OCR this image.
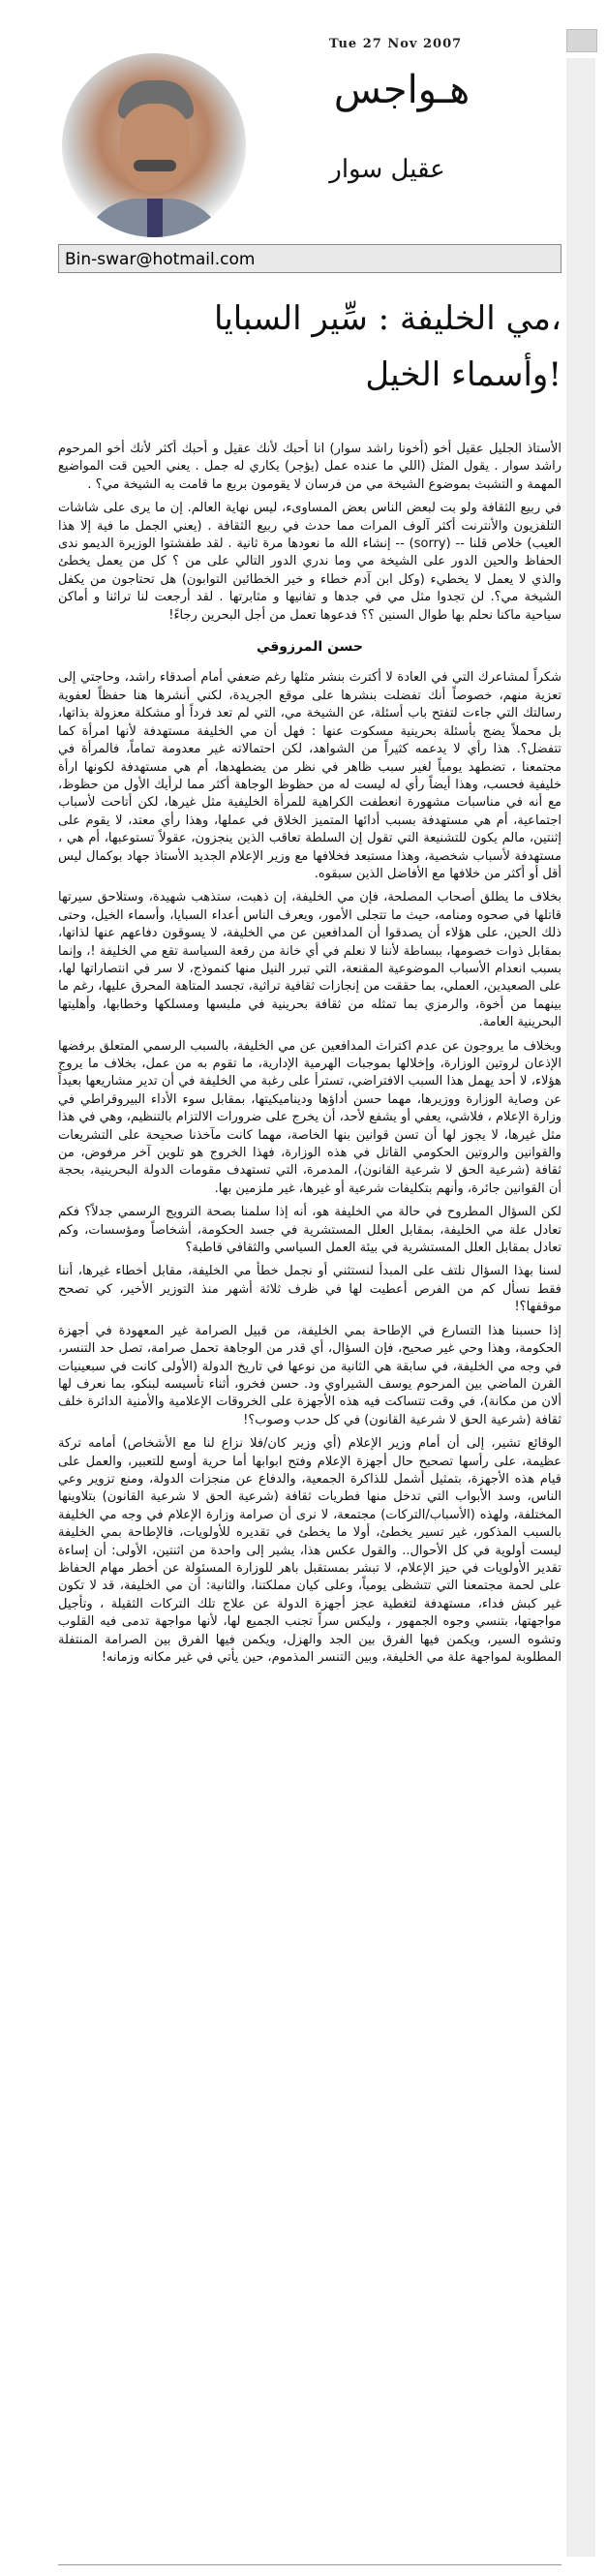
Tue 27 Nov 2007
هـواجس
عقيل سوار
Bin-swar@hotmail.com
مي الخليفة : سِّير السبايا،
وأسماء الخيل!

الأستاذ الجليل عقيل أخو (أخونا راشد سوار) انا أحبك لأنك عقيل و أحبك أكثر لأنك أخو المرحوم راشد سوار . يقول المثل (اللي ما عنده عمل (يؤجر) يكاري له جمل . يعني الحين قت المواضيع المهمة و التشبث بموضوع الشيخة مي من فرسان لا يقومون بربع ما قامت به الشيخة مي؟ .

في ربيع الثقافة ولو بت لبعض الناس بعض المساوىء، ليس نهاية العالم. إن ما يرى على شاشات التلفزيون والأنترنت أكثر آلوف المرات مما حدث في ربيع الثقافة . (يعني الجمل ما فية إلا هذا العيب) خلاص قلنا -- (sorry) -- إنشاء الله ما نعودها مرة ثانية . لقد طفشتوا الوزيرة الديمو ندى الحفاظ والحين الدور على الشيخة مي وما ندري الدور التالي على من ؟ كل من يعمل يخطئ والذي لا يعمل لا يخطيء (وكل ابن آدم خطاء و خير الخطائين التوابون) هل تحتاجون من يكفل الشيخة مي؟. لن تجدوا مثل مي في جدها و تفانيها و مثابرتها . لقد أرجعت لنا تراثنا و أماكن سياحية ماكنا نحلم بها طوال السنين ؟؟ فدعوها تعمل من أجل البحرين رجاءً!

حسن المرزوقي

شكراً لمشاعرك التي في العادة لا أكترث بنشر مثلها رغم ضعفي أمام أصدقاء راشد، وحاجتي إلى تعزية منهم، خصوصاً أنك تفضلت بنشرها على موقع الجريدة، لكني أنشرها هنا حفظاً لعفوية رسالتك التي جاءت لتفتح باب أسئلة، عن الشيخة مي، التي لم تعد فرداً أو مشكلة معزولة بذاتها، بل محملاً يضج بأسئلة بحرينية مسكوت عنها : فهل أن مي الخليفة مستهدفة لأنها امرأة كما تتفضل؟. هذا رأي لا يدعمه كثيراً من الشواهد، لكن احتمالاته غير معدومة تماماً، فالمرأة في مجتمعنا ، تضطهد يومياً لغير سبب ظاهر في نظر من يضطهدها، أم هي مستهدفة لكونها ارأة خليفية فحسب، وهذا أيضاً رأي له ليست له من حظوظ الوجاهة أكثر مما لرأيك الأول من حظوظ، مع أنه في مناسبات مشهورة انعطفت الكراهية للمرأة الخليفية مثل غيرها، لكن أتاحت لأسباب اجتماعية، أم هي مستهدفة بسبب أدائها المتميز الخلاق في عملها، وهذا رأي معتد، لا يقوم على إثنتين، مالم يكون للتشنيعة التي تقول إن السلطة تعاقب الذين ينجزون، عقولاً تستوعبها، أم هي ، مستهدفة لأسباب شخصية، وهذا مستبعد فخلافها مع وزير الإعلام الجديد الأستاذ جهاد بوكمال ليس أقل أو أكثر من خلافها مع الأفاضل الذين سبقوه.

بخلاف ما يطلق أصحاب المصلحة، فإن مي الخليفة، إن ذهبت، ستذهب شهيدة، وستلاحق سيرتها قاتلها في صحوه ومنامه، حيث ما تتجلى الأمور، ويعرف الناس أعداء السبايا، وأسماء الخيل، وحتى ذلك الحين، على هؤلاء أن يصدقوا أن المدافعين عن مي الخليفة، لا يسوقون دفاعهم عنها لذاتها، بمقابل ذوات خصومها، ببساطة لأننا لا نعلم في أي خانة من رقعة السياسة تقع مي الخليفة !، وإنما بسبب انعدام الأسباب الموضوعية المقنعة، التي تبرر النيل منها كنموذج، لا سر في انتصاراتها لها، على الصعيدين، العملي، بما حققت من إنجازات ثقافية تراثية، تجسد المتاهة المحرق عليها، رغم ما بينهما من أخوة، والرمزي بما تمثله من ثقافة بحرينية في ملبسها ومسلكها وخطابها، وأهليتها البحرينية العامة.

وبخلاف ما يروجون عن عدم اكتراث المدافعين عن مي الخليفة، بالسبب الرسمي المتعلق برفضها الإذعان لروتين الوزارة، وإخلالها بموجبات الهرمية الإدارية، ما تقوم به من عمل، بخلاف ما يروج هؤلاء، لا أحد يهمل هذا السبب الافتراضي، تسترأ على رغبة مي الخليفة في أن تدير مشاريعها بعيداً عن وصاية الوزارة ووزيرها، مهما حسن أداؤها وديناميكيتها، بمقابل سوء الأداء البيروقراطي في وزارة الإعلام ، فلاشي، يعفي أو يشفع لأحد، أن يخرج على ضرورات الالتزام بالتنظيم، وهي في هذا مثل غيرها، لا يجوز لها أن تسن قوانين بنها الخاصة، مهما كانت مآخذنا صحيحة على التشريعات والقوانين والروتين الحكومي القاتل في هذه الوزارة، فهذا الخروج هو تلوين آخر مرفوض، من ثقافة (شرعية الحق لا شرعية القانون)، المدمرة، التي تستهدف مقومات الدولة البحرينية، بحجة أن القوانين جائرة، وأنهم بتكليفات شرعية أو غيرها، غير ملزمين بها.

لكن السؤال المطروح في حالة مي الخليفة هو، أنه إذا سلمنا بصحة الترويج الرسمي جدلاً؟ فكم تعادل علة مي الخليفة، بمقابل العلل المستشرية في جسد الحكومة، أشخاصاً ومؤسسات، وكم تعادل بمقابل العلل المستشرية في بيئة العمل السياسي والثقافي قاطبة؟

لسنا بهذا السؤال نلتف على المبدأ لنستثني أو نجمل خطأ مي الخليفة، مقابل أخطاء غيرها، أننا فقط نسأل كم من الفرص أعطيت لها في ظرف ثلاثة أشهر منذ التوزير الأخير، كي تصحح موقفها؟!

إذا حسبنا هذا التسارع في الإطاحة بمي الخليفة، من قبيل الصرامة غير المعهودة في أجهزة الحكومة، وهذا وحي غير صحيح، فإن السؤال، أي قدر من الوجاهة تحمل صرامة، تصل حد التنسر، في وجه مي الخليفة، في سابقة هي الثانية من نوعها في تاريخ الدولة (الأولى كانت في سبعينيات القرن الماضي بين المرحوم يوسف الشيراوي ود. حسن فخرو، أثناء تأسيسه لبنكو، بما نعرف لها ألان من مكانة)، في وقت تتساكت فيه هذه الأجهزة على الخروقات الإعلامية والأمنية الدائرة خلف ثقافة (شرعية الحق لا شرعية القانون) في كل حدب وصوب؟!

الوقائع تشير، إلى أن أمام وزير الإعلام (أي وزير كان/فلا نزاع لنا مع الأشخاص) أمامه تركة عظيمة، على رأسها تصحيح حال أجهزة الإعلام وفتح ابوابها أما حرية أوسع للتعبير، والعمل على قيام هذه الأجهزة، بتمثيل أشمل للذاكرة الجمعية، والدفاع عن منجزات الدولة، ومنع تزوير وعي الناس، وسد الأبواب التي تدخل منها فطريات ثقافة (شرعية الحق لا شرعية القانون) بتلاوينها المختلفة، ولهذه (الأسباب/التركات) مجتمعة، لا نرى أن صرامة وزارة الإعلام في وجه مي الخليفة بالسبب المذكور، غير تسير يخطئ، أولا ما يخطئ في تقديره للأولويات، فالإطاحة بمي الخليفة ليست أولوية في كل الأحوال.. والقول عكس هذا، يشير إلى واحدة من اثنتين، الأولى: أن إساءة تقدير الأولويات في حيز الإعلام، لا تبشر بمستقبل باهر للوزارة المسئولة عن أخطر مهام الحفاظ على لحمة مجتمعنا التي تتشظى يومياً، وعلى كيان مملكتنا، والثانية: أن مي الخليفة، قد لا تكون غير كبش فداء، مستهدفة لتغطية عجز أجهزة الدولة عن علاج تلك التركات الثقيلة ، وتأجيل مواجهتها، بتنسي وجوه الجمهور ، وليكس سراً تجنب الجميع لها، لأنها مواجهة تدمى فيه القلوب وتشوه السير، ويكمن فيها الفرق بين الجد والهزل، ويكمن فيها الفرق بين الصرامة المنتفلة المطلوبة لمواجهة علة مي الخليفة، وبين التنسر المذموم، حين يأتي في غير مكانه وزمانه!
